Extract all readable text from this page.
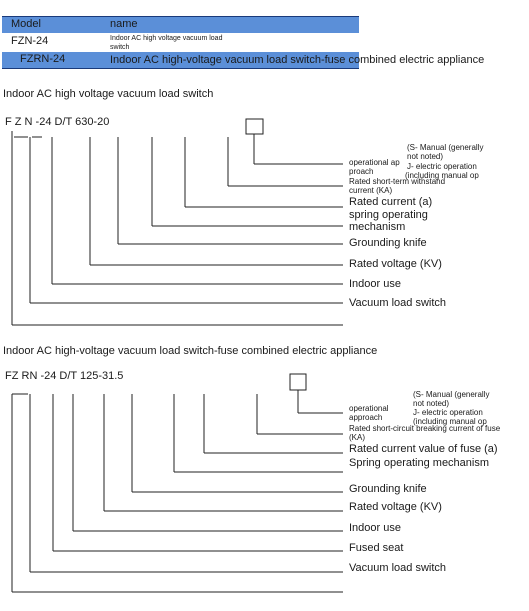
Model	name
FZN-24	Indoor AC high voltage vacuum load
switch
FZRN-24	Indoor AC high-voltage vacuum load switch-fuse combined electric appliance
Indoor AC high voltage vacuum load switch
F Z N -24 D/T 630-20
(S- Manual (generally
not noted)
operational ap J- electric operation
proach	(including manual op
Rated short-term withstand
current (KA)
Rated current (a)
spring operating
mechanism
Grounding knife
Rated voltage (KV)
Indoor use
Vacuum load switch
Indoor AC high-voltage vacuum load switch-fuse combined electric appliance
FZ RN -24 D/T 125-31.5
(S- Manual (generally
not noted)
operational	J- electric operation
approach	(including manual op
Rated short-circuit breaking current of fuse
(KA)
Rated current value of fuse (a)
Spring operating mechanism
Grounding knife
Rated voltage (KV)
Indoor use
Fused seat
Vacuum load switch
